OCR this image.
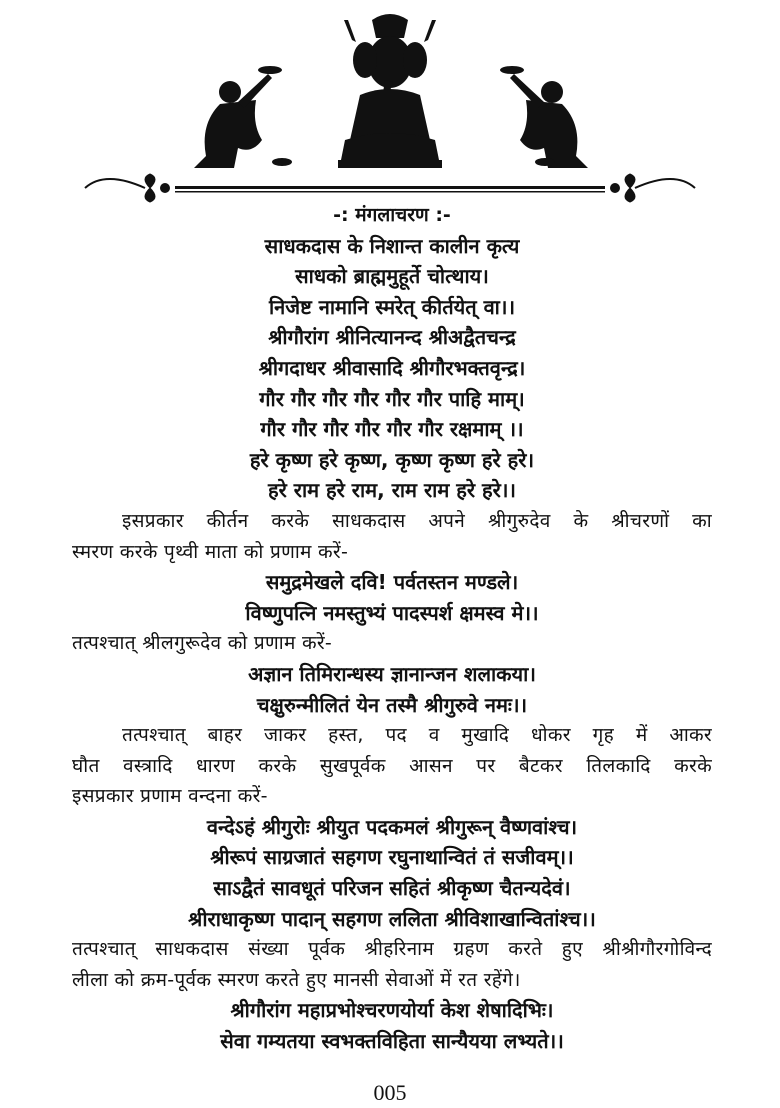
-: मंगलाचरण :-
साधकदास के निशान्त कालीन कृत्य
साधको ब्राह्ममुहूर्ते चोत्थाय।
निजेष्ट नामानि स्मरेत् कीर्तयेत् वा।।
श्रीगौरांग श्रीनित्यानन्द श्रीअद्वैतचन्द्र
श्रीगदाधर श्रीवासादि श्रीगौरभक्तवृन्द्र।
गौर गौर गौर गौर गौर गौर पाहि माम्।
गौर गौर गौर गौर गौर गौर रक्षमाम् ।।
हरे कृष्ण हरे कृष्ण, कृष्ण कृष्ण हरे हरे।
हरे राम हरे राम, राम राम हरे हरे।।
इसप्रकार कीर्तन करके साधकदास अपने श्रीगुरुदेव के श्रीचरणों का
स्मरण करके पृथ्वी माता को प्रणाम करें-
समुद्रमेखले दवि! पर्वतस्तन मण्डले।
विष्णुपत्नि नमस्तुभ्यं पादस्पर्श क्षमस्व मे।।
तत्पश्चात् श्रीलगुरूदेव को प्रणाम करें-
अज्ञान तिमिरान्धस्य ज्ञानान्जन शलाकया।
चक्षुरुन्मीलितं येन तस्मै श्रीगुरुवे नमः।।
तत्पश्चात् बाहर जाकर हस्त, पद व मुखादि धोकर गृह में आकर
घौत वस्त्रादि धारण करके सुखपूर्वक आसन पर बैटकर तिलकादि करके
इसप्रकार प्रणाम वन्दना करें-
वन्देऽहं श्रीगुरोः श्रीयुत पदकमलं श्रीगुरून् वैष्णवांश्च।
श्रीरूपं साग्रजातं सहगण रघुनाथान्वितं तं सजीवम्।।
साऽद्वैतं सावधूतं परिजन सहितं श्रीकृष्ण चैतन्यदेवं।
श्रीराधाकृष्ण पादान् सहगण ललिता श्रीविशाखान्वितांश्च।।
तत्पश्चात् साधकदास संख्या पूर्वक श्रीहरिनाम ग्रहण करते हुए श्रीश्रीगौरगोविन्द
लीला को क्रम-पूर्वक स्मरण करते हुए मानसी सेवाओं में रत रहेंगे।
श्रीगौरांग महाप्रभोश्चरणयोर्या केश शेषादिभिः।
सेवा गम्यतया स्वभक्तविहिता सान्यैयया लभ्यते।।
005
